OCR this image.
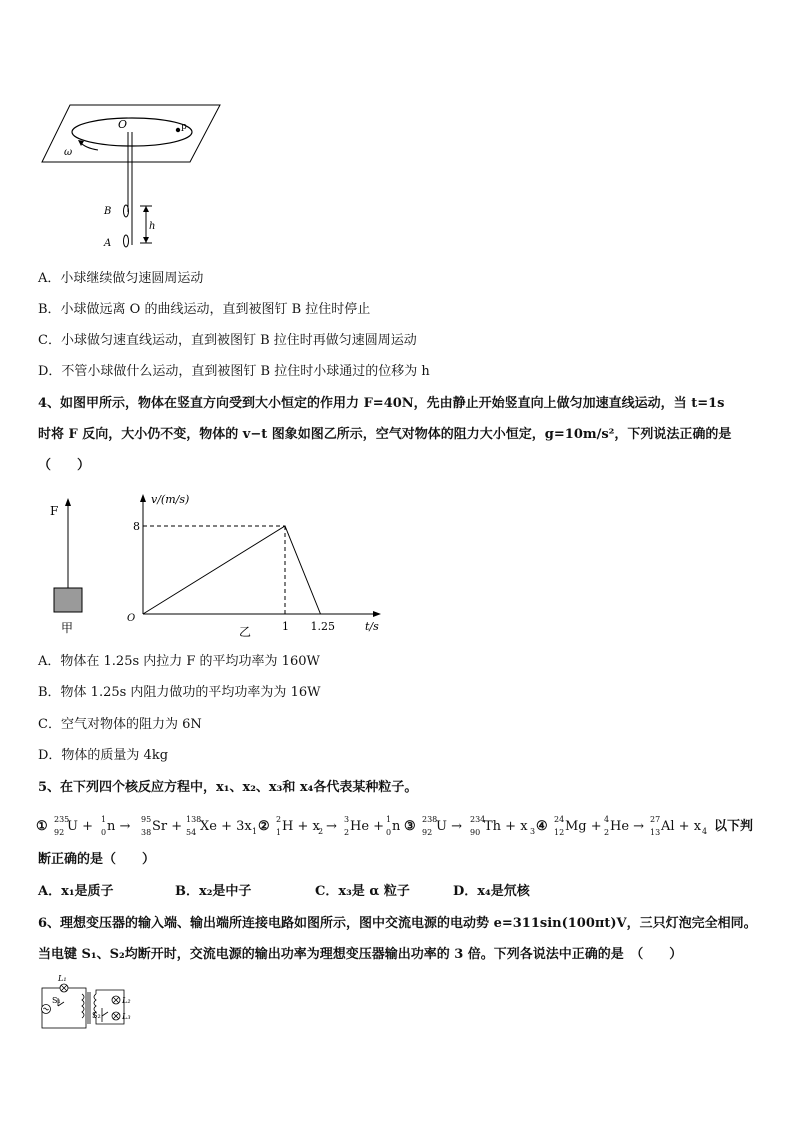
O	p
ω
B
A
h
A．小球继续做匀速圆周运动
B．小球做远离 O 的曲线运动，直到被图钉 B 拉住时停止
C．小球做匀速直线运动，直到被图钉 B 拉住时再做匀速圆周运动
D．不管小球做什么运动，直到被图钉 B 拉住时小球通过的位移为 h
4、如图甲所示，物体在竖直方向受到大小恒定的作用力 F=40N，先由静止开始竖直向上做匀加速直线运动，当 t=1s
时将 F 反向，大小仍不变，物体的 v−t 图象如图乙所示，空气对物体的阻力大小恒定，g=10m/s²，下列说法正确的是
（　　）
F
甲
v/(m/s)
t/s
O
8
1 1.25
乙
A．物体在 1.25s 内拉力 F 的平均功率为 160W
B．物体 1.25s 内阻力做功的平均功率为为 16W
C．空气对物体的阻力为 6N
D．物体的质量为 4kg
5、在下列四个核反应方程中，x₁、x₂、x₃和 x₄各代表某种粒子。
① 235
92 U + 1
0 n → 95
38 Sr + 138
54 Xe + 3x 1 ② 2
1 H + x
2 → 3
2 He + 1
0 n ③ 238
92 U → 234
90 Th + x 3 ④ 24
12 Mg + 4
2 He → 27
13 Al + x 4 以下判
断正确的是（　　）
A．x₁是质子	B．x₂是中子	C．x₃是 α 粒子	D．x₄是氘核
6、理想变压器的输入端、输出端所连接电路如图所示，图中交流电源的电动势 e=311sin(100πt)V，三只灯泡完全相同。
当电键 S₁、S₂均断开时，交流电源的输出功率为理想变压器输出功率的 3 倍。下列各说法中正确的是　（　　）
L₁
S₁
S₂
L₂
L₃
